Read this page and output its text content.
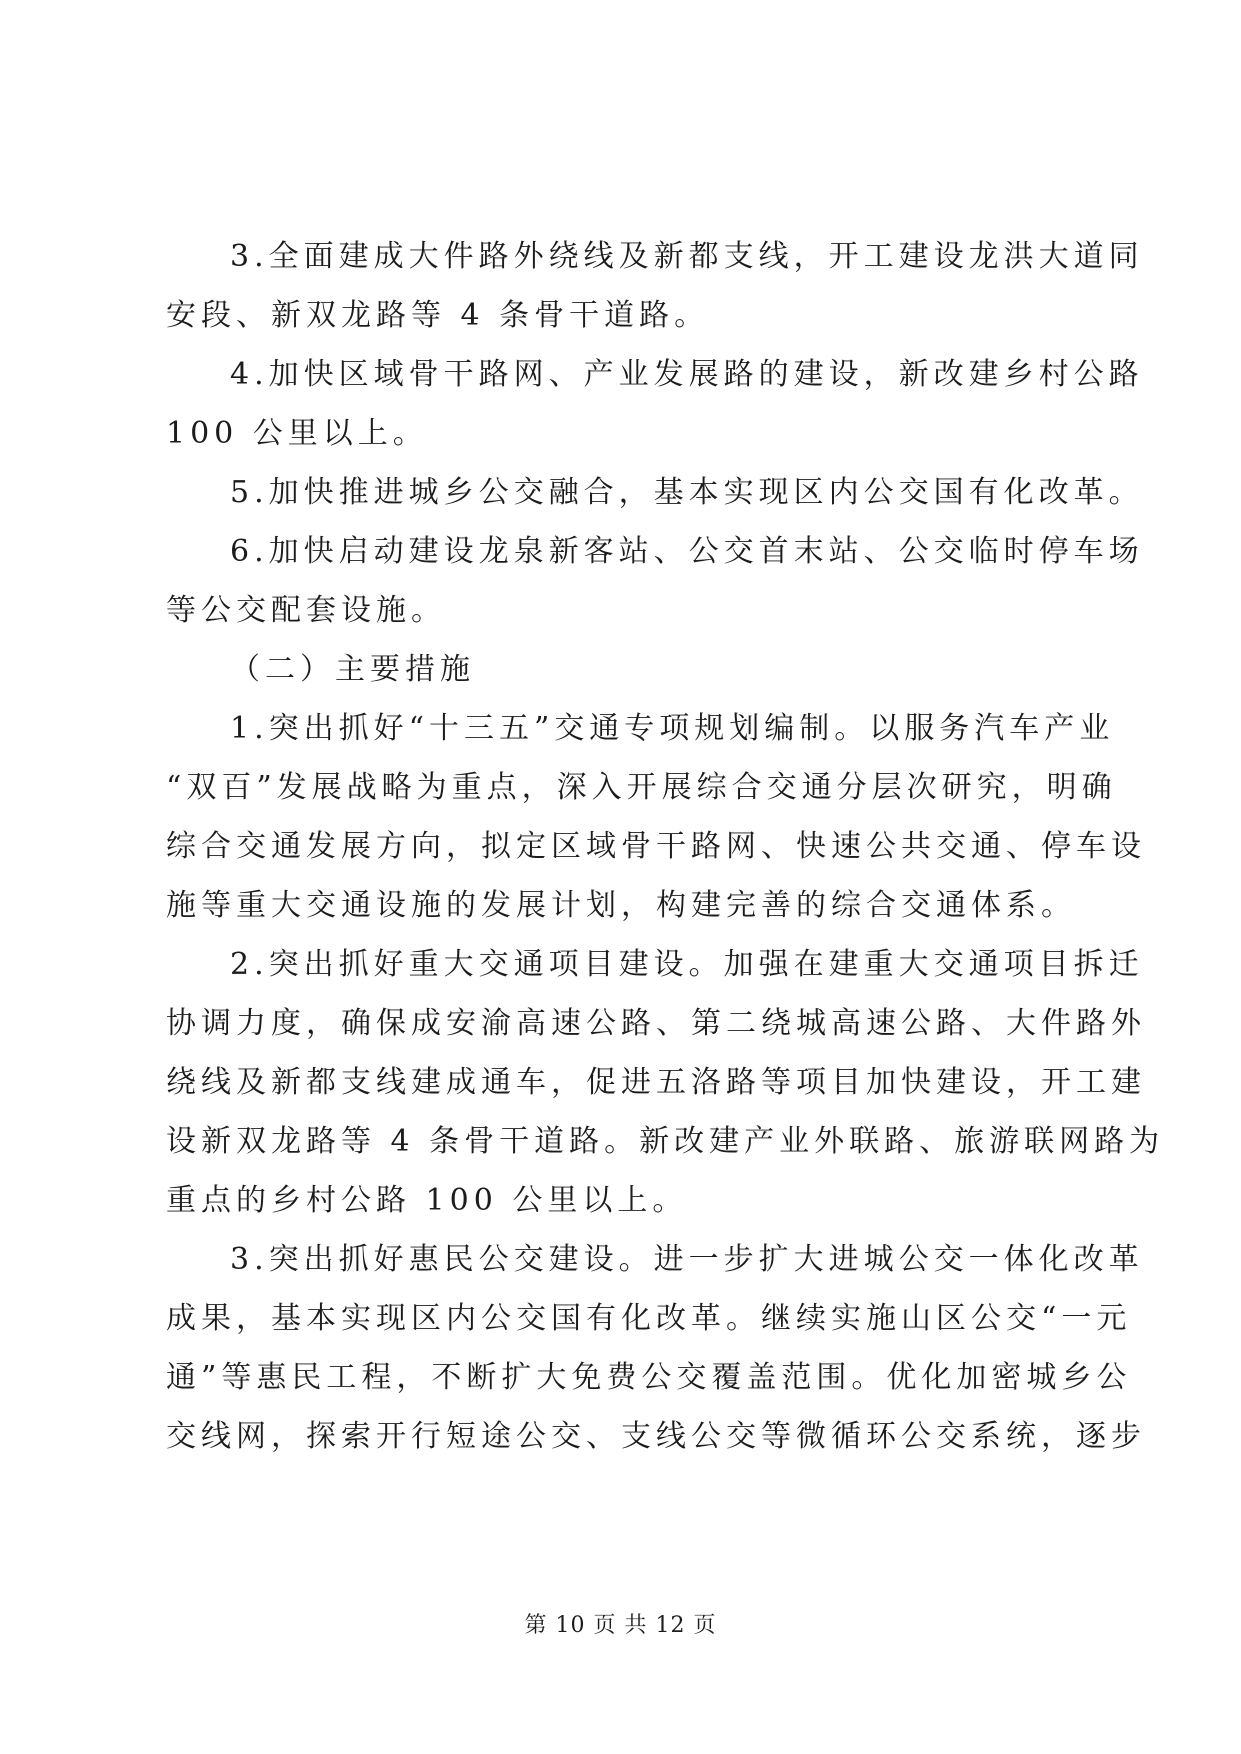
3.全面建成大件路外绕线及新都支线，开工建设龙洪大道同

安段、新双龙路等 4 条骨干道路。

4.加快区域骨干路网、产业发展路的建设，新改建乡村公路

100 公里以上。

5.加快推进城乡公交融合，基本实现区内公交国有化改革。

6.加快启动建设龙泉新客站、公交首末站、公交临时停车场

等公交配套设施。

（二）主要措施

1.突出抓好“十三五”交通专项规划编制。以服务汽车产业

“双百”发展战略为重点，深入开展综合交通分层次研究，明确

综合交通发展方向，拟定区域骨干路网、快速公共交通、停车设

施等重大交通设施的发展计划，构建完善的综合交通体系。

2.突出抓好重大交通项目建设。加强在建重大交通项目拆迁

协调力度，确保成安渝高速公路、第二绕城高速公路、大件路外

绕线及新都支线建成通车，促进五洛路等项目加快建设，开工建

设新双龙路等 4 条骨干道路。新改建产业外联路、旅游联网路为

重点的乡村公路 100 公里以上。

3.突出抓好惠民公交建设。进一步扩大进城公交一体化改革

成果，基本实现区内公交国有化改革。继续实施山区公交“一元

通”等惠民工程，不断扩大免费公交覆盖范围。优化加密城乡公

交线网，探索开行短途公交、支线公交等微循环公交系统，逐步

第 10 页 共 12 页
